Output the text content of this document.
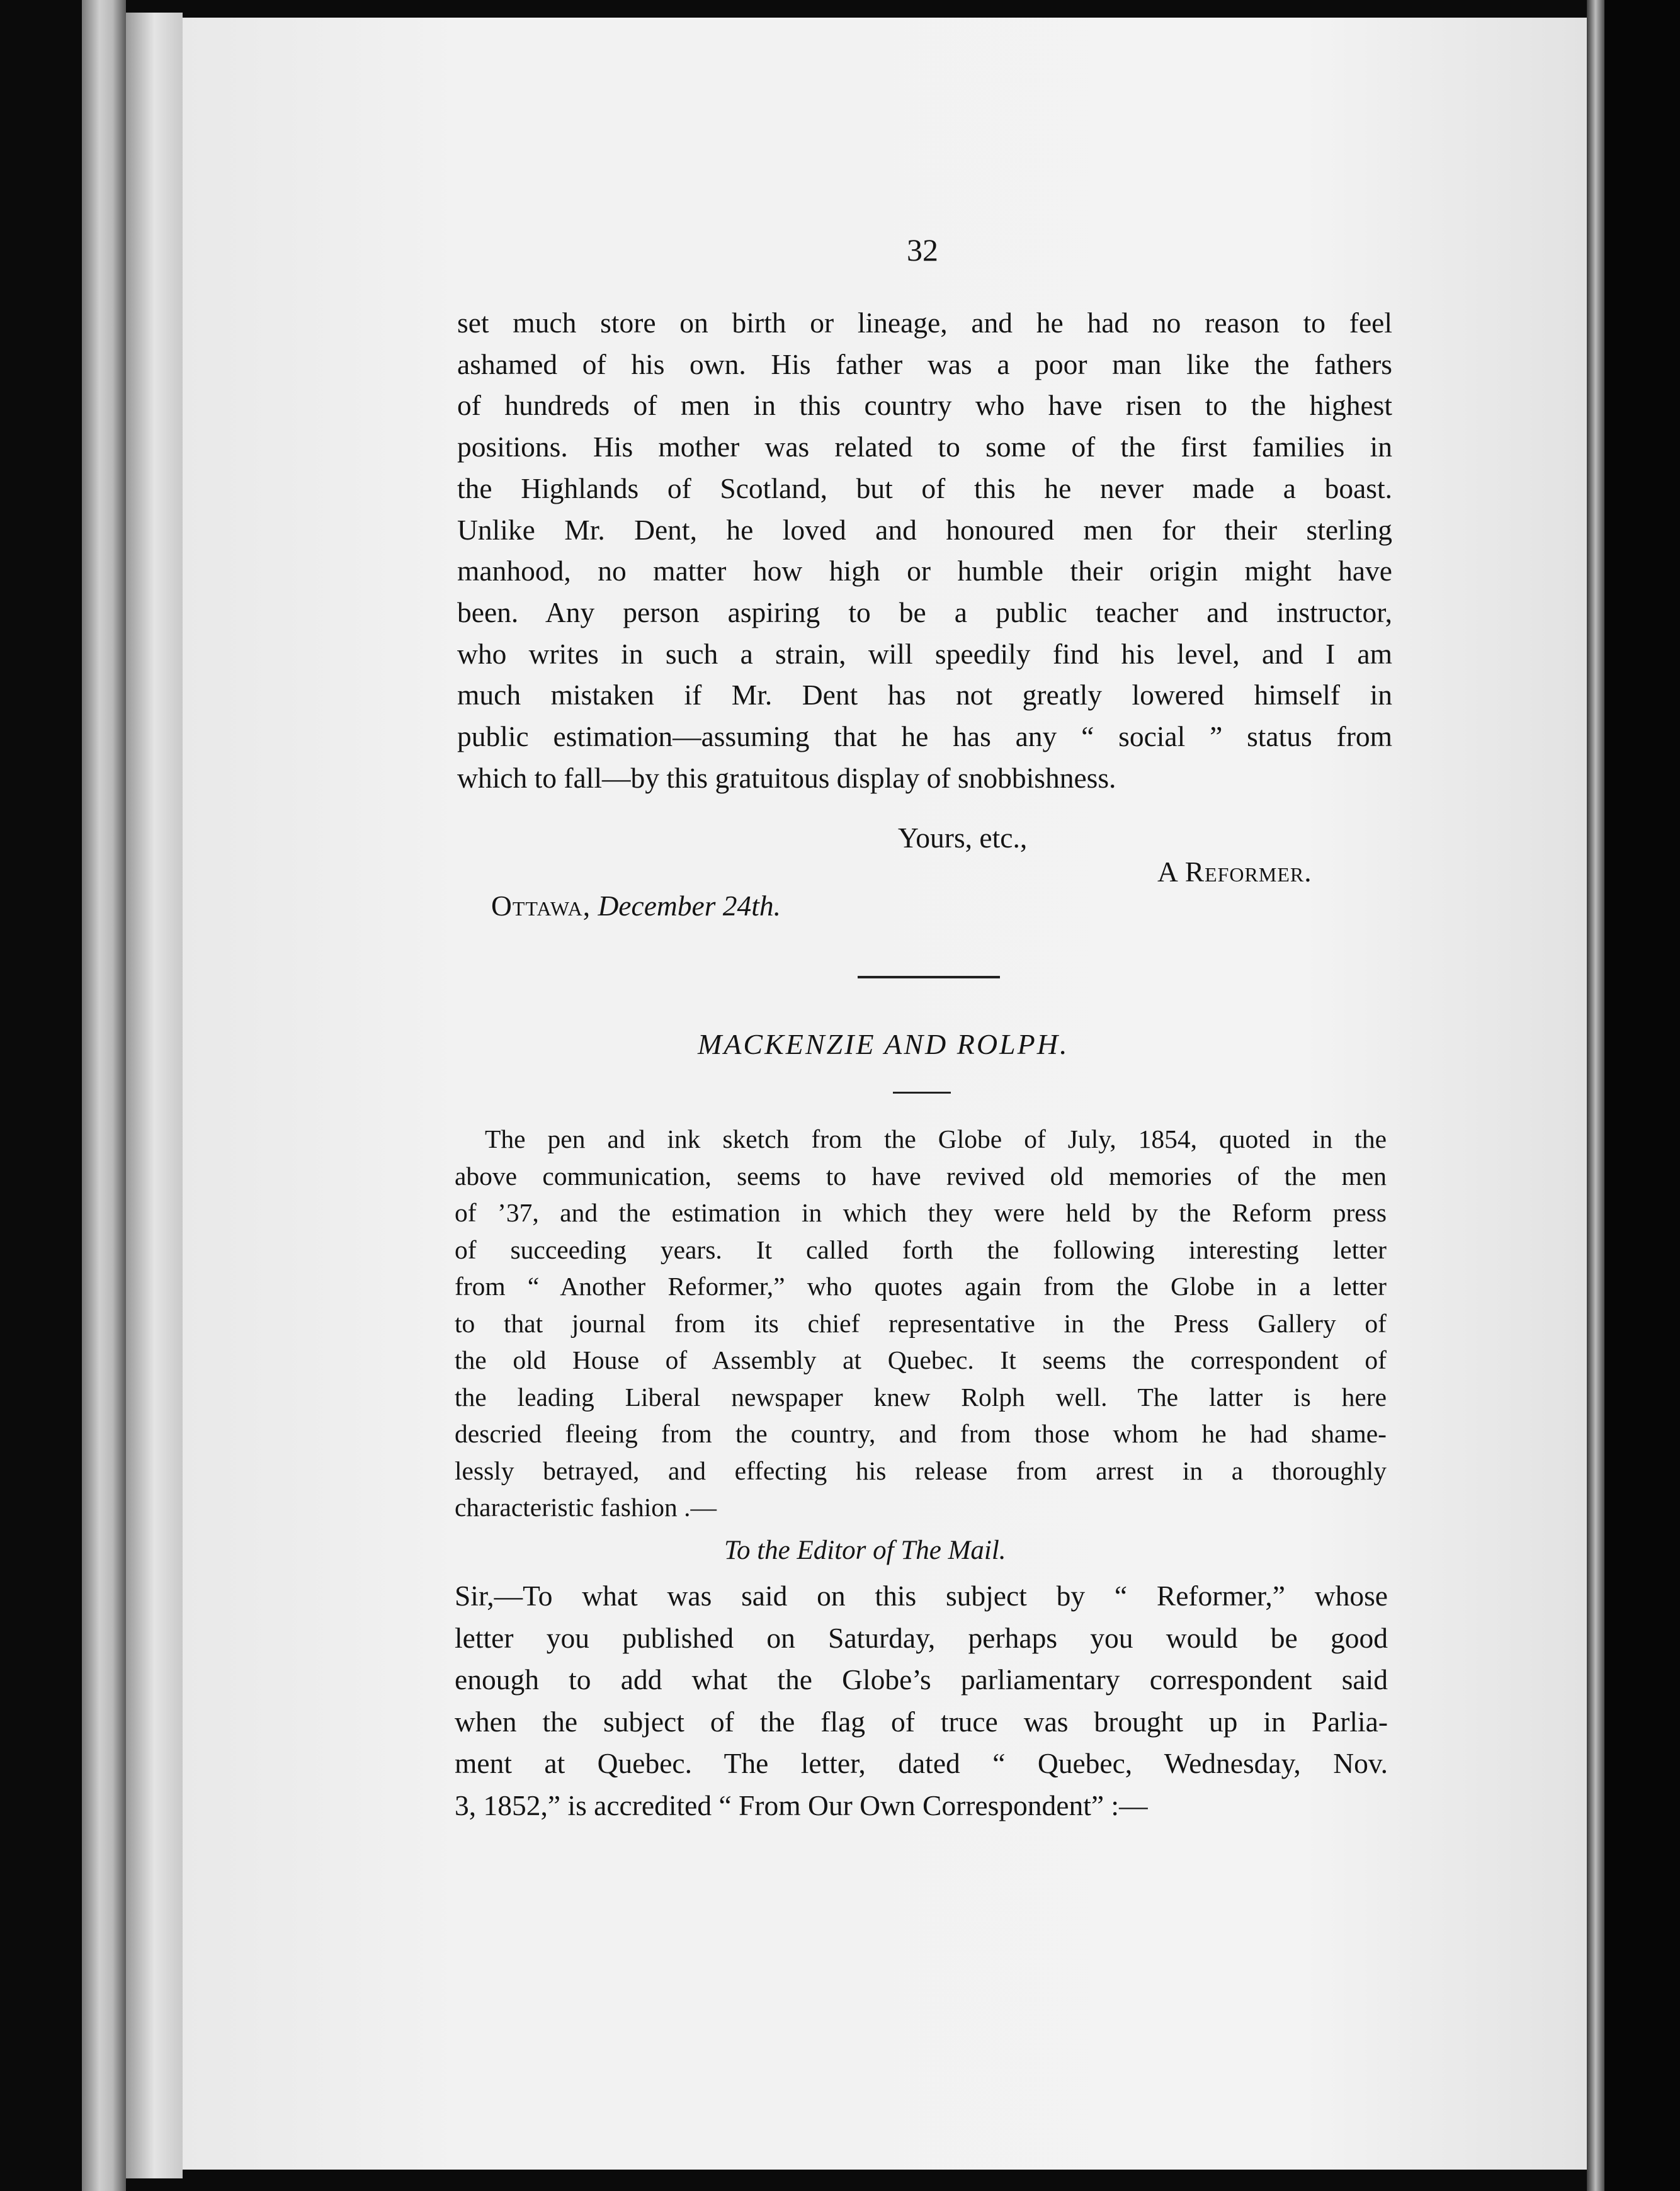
32
set much store on birth or lineage, and he had no reason to feel
ashamed of his own. His father was a poor man like the fathers
of hundreds of men in this country who have risen to the highest
positions. His mother was related to some of the first families in
the Highlands of Scotland, but of this he never made a boast.
Unlike Mr. Dent, he loved and honoured men for their sterling
manhood, no matter how high or humble their origin might have
been. Any person aspiring to be a public teacher and instructor,
who writes in such a strain, will speedily find his level, and I am
much mistaken if Mr. Dent has not greatly lowered himself in
public estimation—assuming that he has any “ social ” status from
which to fall—by this gratuitous display of snobbishness.
Yours, etc.,
A Reformer.
Ottawa, December 24th.
MACKENZIE AND ROLPH.
The pen and ink sketch from the Globe of July, 1854, quoted in the
above communication, seems to have revived old memories of the men
of ’37, and the estimation in which they were held by the Reform press
of succeeding years. It called forth the following interesting letter
from “ Another Reformer,” who quotes again from the Globe in a letter
to that journal from its chief representative in the Press Gallery of
the old House of Assembly at Quebec. It seems the correspondent of
the leading Liberal newspaper knew Rolph well. The latter is here
descried fleeing from the country, and from those whom he had shame-
lessly betrayed, and effecting his release from arrest in a thoroughly
characteristic fashion .—
To the Editor of The Mail.
Sir,—To what was said on this subject by “ Reformer,” whose
letter you published on Saturday, perhaps you would be good
enough to add what the Globe’s parliamentary correspondent said
when the subject of the flag of truce was brought up in Parlia-
ment at Quebec. The letter, dated “ Quebec, Wednesday, Nov.
3, 1852,” is accredited “ From Our Own Correspondent” :—
